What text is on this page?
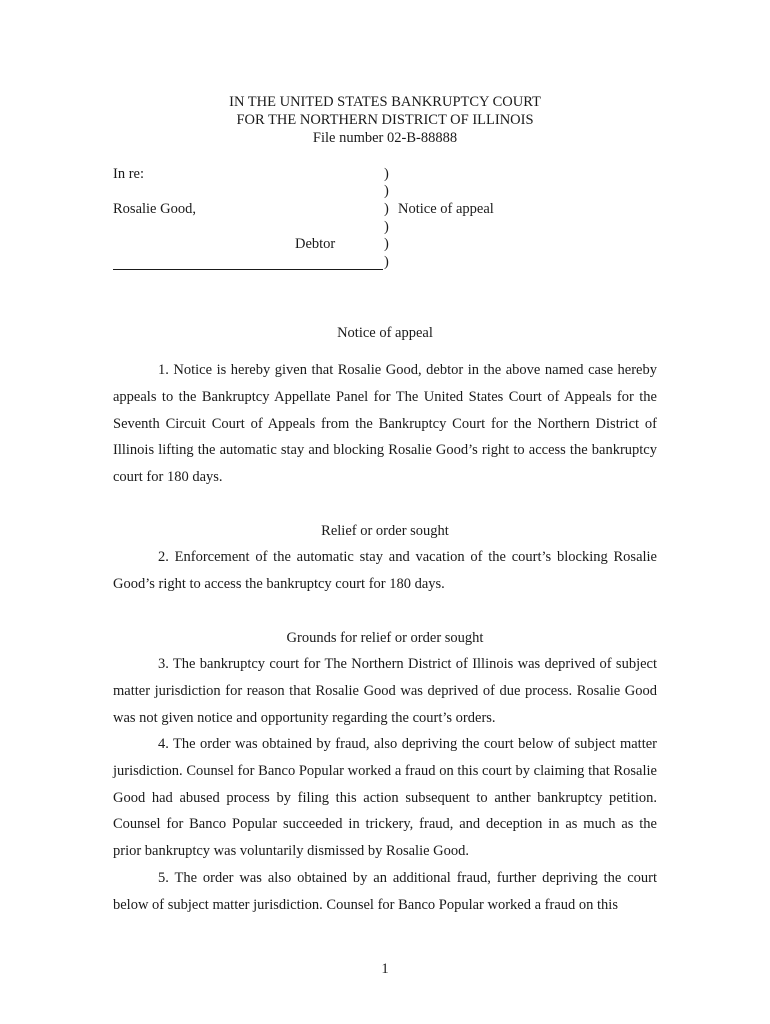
IN THE UNITED STATES BANKRUPTCY COURT
FOR THE NORTHERN DISTRICT OF ILLINOIS
File number 02-B-88888
In re:
Rosalie Good,
Debtor
)
)
)
)
)
)
Notice of appeal
Notice of appeal
1. Notice is hereby given that Rosalie Good, debtor in the above named case hereby appeals to the Bankruptcy Appellate Panel for The United States Court of Appeals for the Seventh Circuit Court of Appeals from the Bankruptcy Court for the Northern District of Illinois lifting the automatic stay and blocking Rosalie Good’s right to access the bankruptcy court for 180 days.
Relief or order sought
2. Enforcement of the automatic stay and vacation of the court’s blocking Rosalie Good’s right to access the bankruptcy court for 180 days.
Grounds for relief or order sought
3. The bankruptcy court for The Northern District of Illinois was deprived of subject matter jurisdiction for reason that Rosalie Good was deprived of due process. Rosalie Good was not given notice and opportunity regarding the court’s orders.
4. The order was obtained by fraud, also depriving the court below of subject matter jurisdiction. Counsel for Banco Popular worked a fraud on this court by claiming that Rosalie Good had abused process by filing this action subsequent to anther bankruptcy petition. Counsel for Banco Popular succeeded in trickery, fraud, and deception in as much as the prior bankruptcy was voluntarily dismissed by Rosalie Good.
5. The order was also obtained by an additional fraud, further depriving the court below of subject matter jurisdiction. Counsel for Banco Popular worked a fraud on this
1
